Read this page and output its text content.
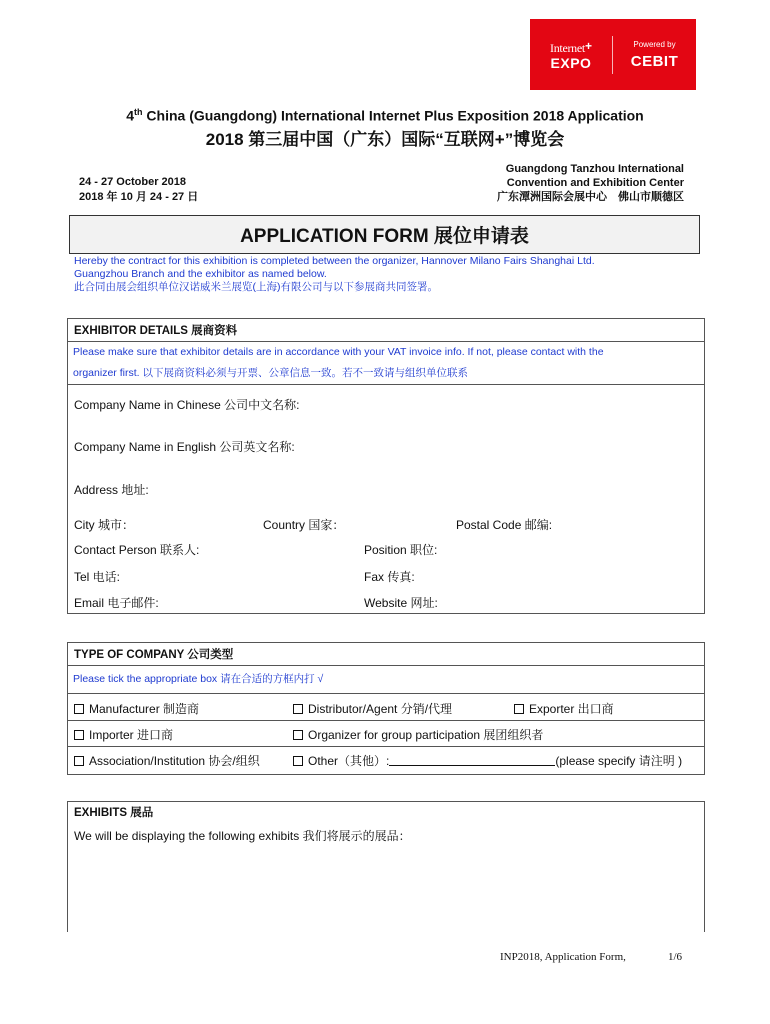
Internet+
EXPO
Powered by
CEBIT
4th China (Guangdong) International Internet Plus Exposition 2018 Application
2018 第三届中国（广东）国际“互联网+”博览会
24 - 27 October 2018
2018 年 10 月 24 - 27 日
Guangdong Tanzhou International
Convention and Exhibition Center
广东潭洲国际会展中心　佛山市顺德区
APPLICATION FORM 展位申请表
Hereby the contract for this exhibition is completed between the organizer, Hannover Milano Fairs Shanghai Ltd.
Guangzhou Branch and the exhibitor as named below.
此合同由展会组织单位汉诺威米兰展览(上海)有限公司与以下参展商共同签署。
EXHIBITOR DETAILS 展商资料
Please make sure that exhibitor details are in accordance with your VAT invoice info. If not, please contact with the
organizer first. 以下展商资料必须与开票、公章信息一致。若不一致请与组织单位联系
Company Name in Chinese 公司中文名称:
Company Name in English 公司英文名称:
Address 地址:
City 城市：	Country 国家：	Postal Code 邮编:
Contact Person 联系人:	Position 职位:
Tel 电话:	Fax 传真:
Email 电子邮件:	Website 网址:
TYPE OF COMPANY 公司类型
Please tick the appropriate box 请在合适的方框内打 √
Manufacturer 制造商	Distributor/Agent 分销/代理	Exporter 出口商
Importer 进口商	Organizer for group participation 展团组织者
Association/Institution 协会/组织	Other（其他）:	(please specify 请注明 )
EXHIBITS 展品
We will be displaying the following exhibits 我们将展示的展品：
INP2018, Application Form,	1/6
